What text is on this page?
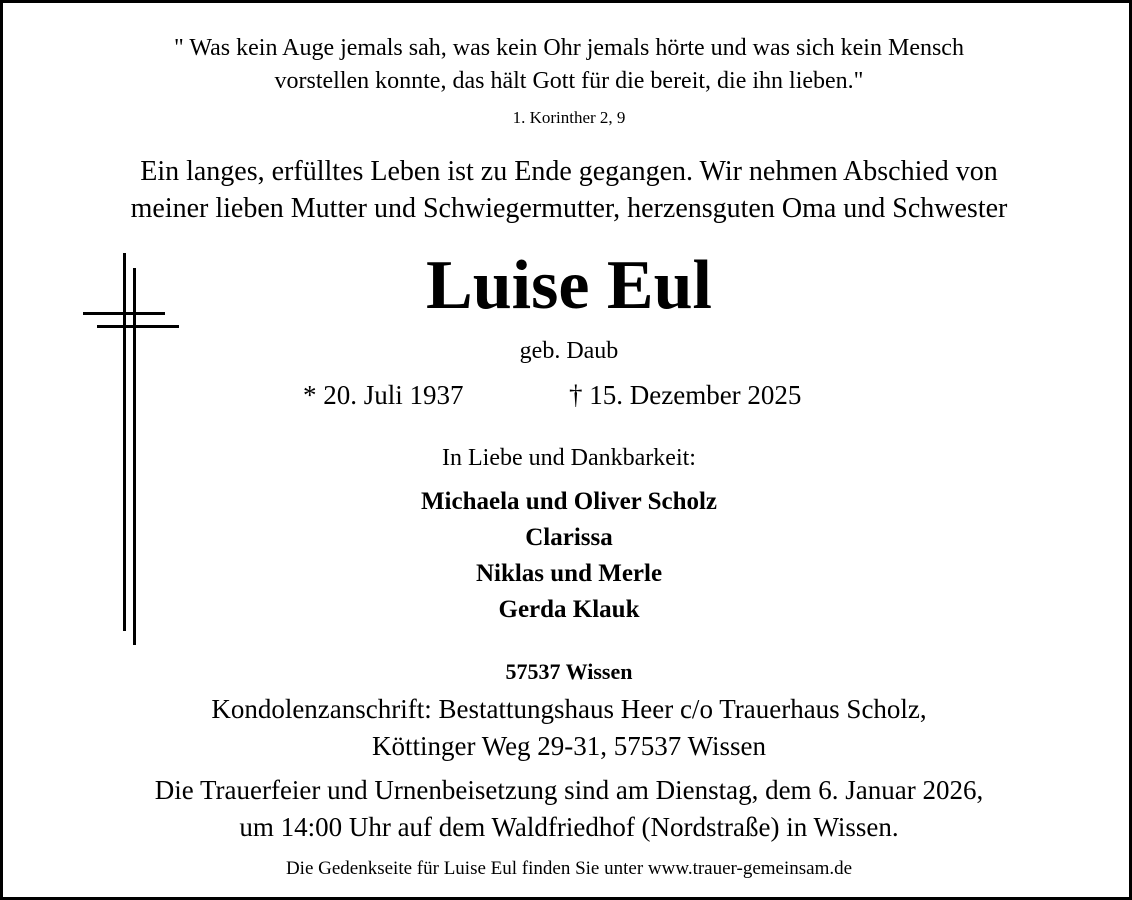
" Was kein Auge jemals sah, was kein Ohr jemals hörte und was sich kein Mensch
vorstellen konnte, das hält Gott für die bereit, die ihn lieben."
1. Korinther 2, 9
Ein langes, erfülltes Leben ist zu Ende gegangen. Wir nehmen Abschied von
meiner lieben Mutter und Schwiegermutter, herzensguten Oma und Schwester
Luise Eul
geb. Daub
* 20. Juli 1937	† 15. Dezember 2025
In Liebe und Dankbarkeit:
Michaela und Oliver Scholz
Clarissa
Niklas und Merle
Gerda Klauk
57537 Wissen
Kondolenzanschrift: Bestattungshaus Heer c/o Trauerhaus Scholz,
Köttinger Weg 29-31, 57537 Wissen
Die Trauerfeier und Urnenbeisetzung sind am Dienstag, dem 6. Januar 2026,
um 14:00 Uhr auf dem Waldfriedhof (Nordstraße) in Wissen.
Die Gedenkseite für Luise Eul finden Sie unter www.trauer-gemeinsam.de
